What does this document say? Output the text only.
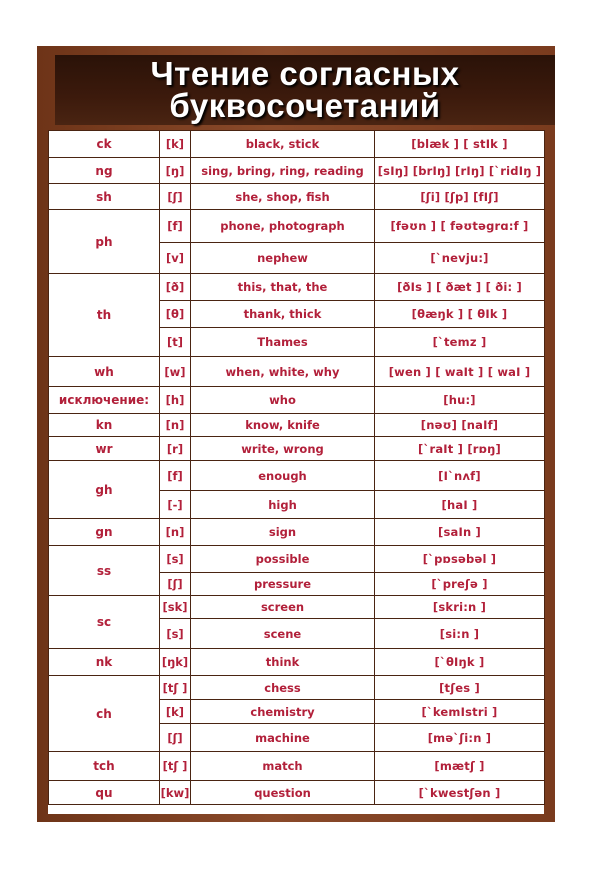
Чтение согласных
буквосочетаний
ck	[k]	black, stick	[blæk ] [ stIk ]
ng	[ŋ]	sing, bring, ring, reading	[sIŋ] [brIŋ] [rIŋ] [`ridIŋ ]
sh	[ʃ]	she, shop, fish	[ʃi] [ʃp] [fIʃ]
ph	[f]	phone, photograph	[fəʊn ] [ fəʊtəgrɑ:f ]
	[v]	nephew	[`nevju:]
th	[ð]	this, that, the	[ðIs ] [ ðæt ] [ ði: ]
	[θ]	thank, thick	[θæŋk ] [ θIk ]
	[t]	Thames	[`temz ]
wh	[w]	when, white, why	[wen ] [ waIt ] [ waI ]
исключение:	[h]	who	[hu:]
kn	[n]	know, knife	[nəʊ] [naIf]
wr	[r]	write, wrong	[`raIt ] [rɒŋ]
gh	[f]	enough	[I`nʌf]
	[-]	high	[haI ]
gn	[n]	sign	[saIn ]
ss	[s]	possible	[`pɒsəbəl ]
	[ʃ]	pressure	[`preʃə ]
sc	[sk]	screen	[skri:n ]
	[s]	scene	[si:n ]
nk	[ŋk]	think	[`θIŋk ]
ch	[tʃ ]	chess	[tʃes ]
	[k]	chemistry	[`kemIstri ]
	[ʃ]	machine	[mə`ʃi:n ]
tch	[tʃ ]	match	[mætʃ ]
qu	[kw]	question	[`kwestʃən ]
